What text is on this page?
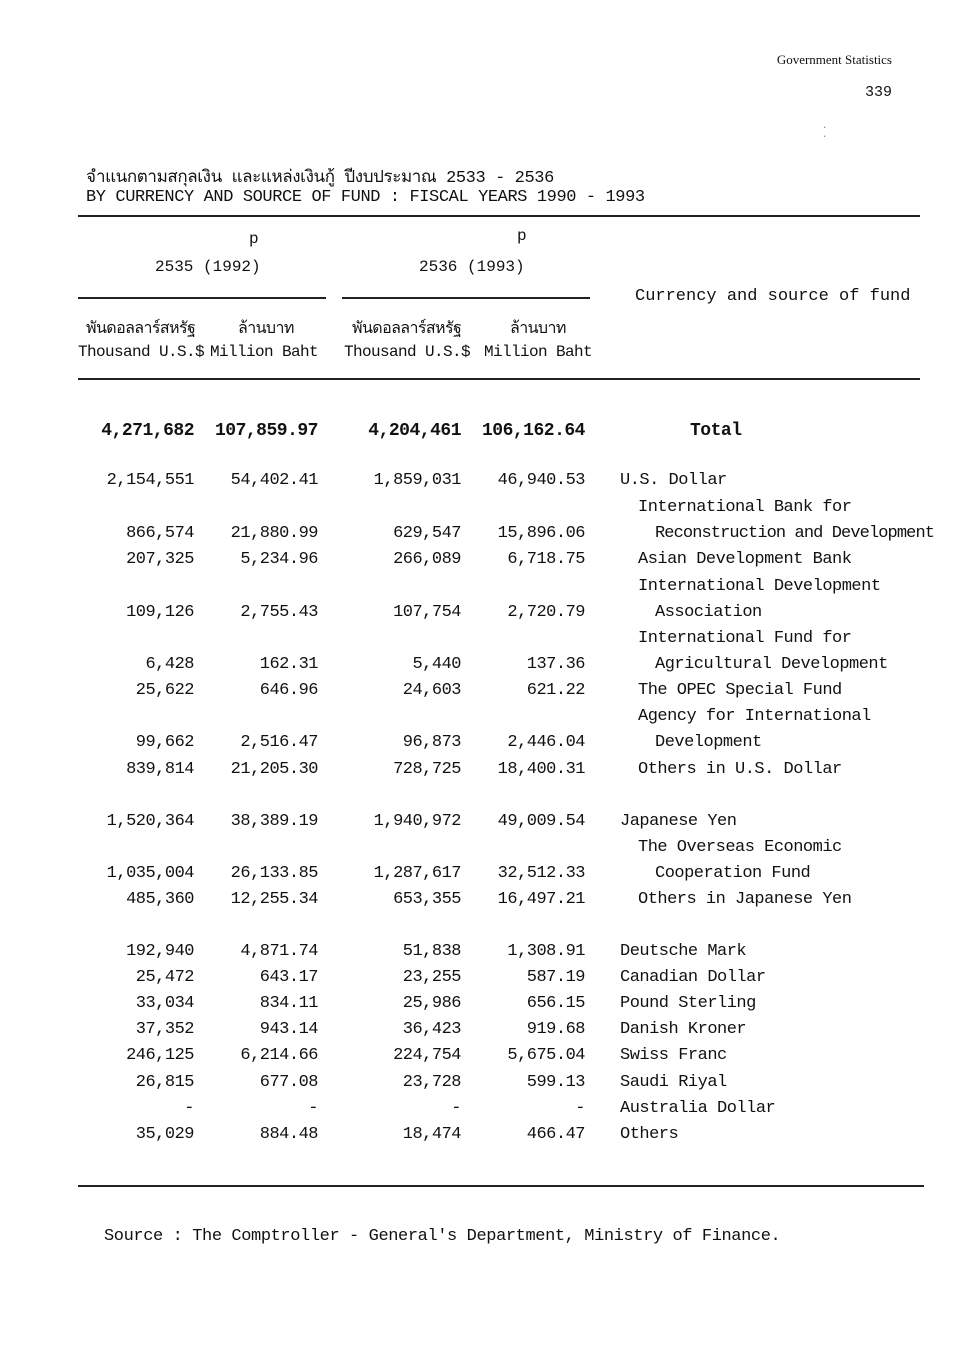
Government Statistics
339
.
.
จำแนกตามสกุลเงิน และแหล่งเงินกู้ ปีงบประมาณ 2533 - 2536
BY CURRENCY AND SOURCE OF FUND : FISCAL YEARS 1990 - 1993
p
2535 (1992)
p
2536 (1993)
Currency and source of fund
พันดอลลาร์สหรัฐ
Thousand U.S.$
ล้านบาท
Million Baht
พันดอลลาร์สหรัฐ
Thousand U.S.$
ล้านบาท
Million Baht
4,271,682 107,859.97	4,204,461 106,162.64	Total
2,154,551 54,402.41	1,859,031 46,940.53 U.S. Dollar
International Bank for
866,574 21,880.99	629,547 15,896.06	Reconstruction and Development
207,325	5,234.96	266,089	6,718.75	Asian Development Bank
International Development
109,126	2,755.43	107,754	2,720.79	Association
International Fund for
6,428	162.31	5,440	137.36	Agricultural Development
25,622	646.96	24,603	621.22	The OPEC Special Fund
Agency for International
99,662	2,516.47	96,873	2,446.04	Development
839,814 21,205.30	728,725 18,400.31	Others in U.S. Dollar
1,520,364 38,389.19	1,940,972 49,009.54 Japanese Yen
The Overseas Economic
1,035,004 26,133.85	1,287,617 32,512.33	Cooperation Fund
485,360 12,255.34	653,355 16,497.21	Others in Japanese Yen
192,940	4,871.74	51,838	1,308.91 Deutsche Mark
25,472	643.17	23,255	587.19 Canadian Dollar
33,034	834.11	25,986	656.15 Pound Sterling
37,352	943.14	36,423	919.68 Danish Kroner
246,125	6,214.66	224,754	5,675.04 Swiss Franc
26,815	677.08	23,728	599.13 Saudi Riyal
-	-	-	- Australia Dollar
35,029	884.48	18,474	466.47 Others
Source : The Comptroller - General's Department, Ministry of Finance.
